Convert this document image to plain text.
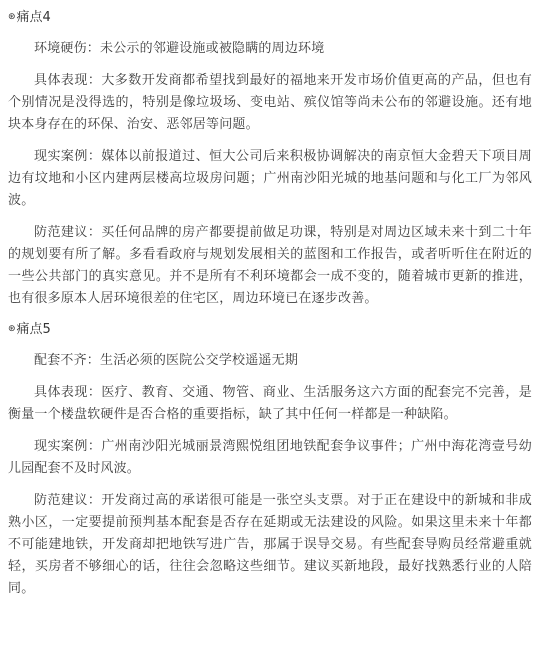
⊛ 痛点4

环境硬伤：未公示的邻避设施或被隐瞒的周边环境

具体表现：大多数开发商都希望找到最好的福地来开发市场价值更高的产品，但也有个别情况是没得选的，特别是像垃圾场、变电站、殡仪馆等尚未公布的邻避设施。还有地块本身存在的环保、治安、恶邻居等问题。

现实案例：媒体以前报道过、恒大公司后来积极协调解决的南京恒大金碧天下项目周边有坟地和小区内建两层楼高垃圾房问题；广州南沙阳光城的地基问题和与化工厂为邻风波。

防范建议：买任何品牌的房产都要提前做足功课，特别是对周边区域未来十到二十年的规划要有所了解。多看看政府与规划发展相关的蓝图和工作报告，或者听听住在附近的一些公共部门的真实意见。并不是所有不利环境都会一成不变的，随着城市更新的推进，也有很多原本人居环境很差的住宅区，周边环境已在逐步改善。

⊛ 痛点5

配套不齐：生活必须的医院公交学校遥遥无期

具体表现：医疗、教育、交通、物管、商业、生活服务这六方面的配套完不完善，是衡量一个楼盘软硬件是否合格的重要指标，缺了其中任何一样都是一种缺陷。

现实案例：广州南沙阳光城丽景湾熙悦组团地铁配套争议事件；广州中海花湾壹号幼儿园配套不及时风波。

防范建议：开发商过高的承诺很可能是一张空头支票。对于正在建设中的新城和非成熟小区，一定要提前预判基本配套是否存在延期或无法建设的风险。如果这里未来十年都不可能建地铁，开发商却把地铁写进广告，那属于误导交易。有些配套导购员经常避重就轻，买房者不够细心的话，往往会忽略这些细节。建议买新地段，最好找熟悉行业的人陪同。
